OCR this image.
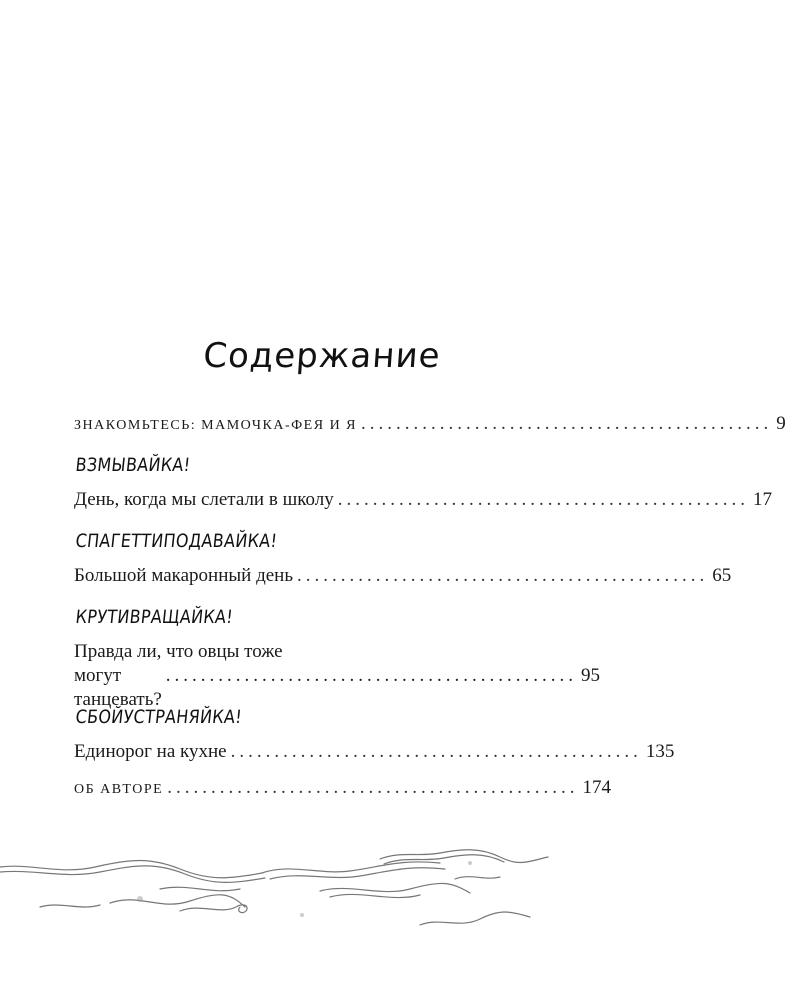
Содержание
ЗНАКОМЬТЕСЬ: МАМОЧКА-ФЕЯ И Я ............................................... 9
ВЗМЫВАЙКА!
День, когда мы слетали в школу ............................................... 17
СПАГЕТТИПОДАВАЙКА!
Большой макаронный день ............................................... 65
КРУТИВРАЩАЙКА!
Правда ли, что овцы тоже
могут танцевать?
............................................... 95
СБОЙУСТРАНЯЙКА!
Единорог на кухне ............................................... 135
ОБ АВТОРЕ ............................................... 174
